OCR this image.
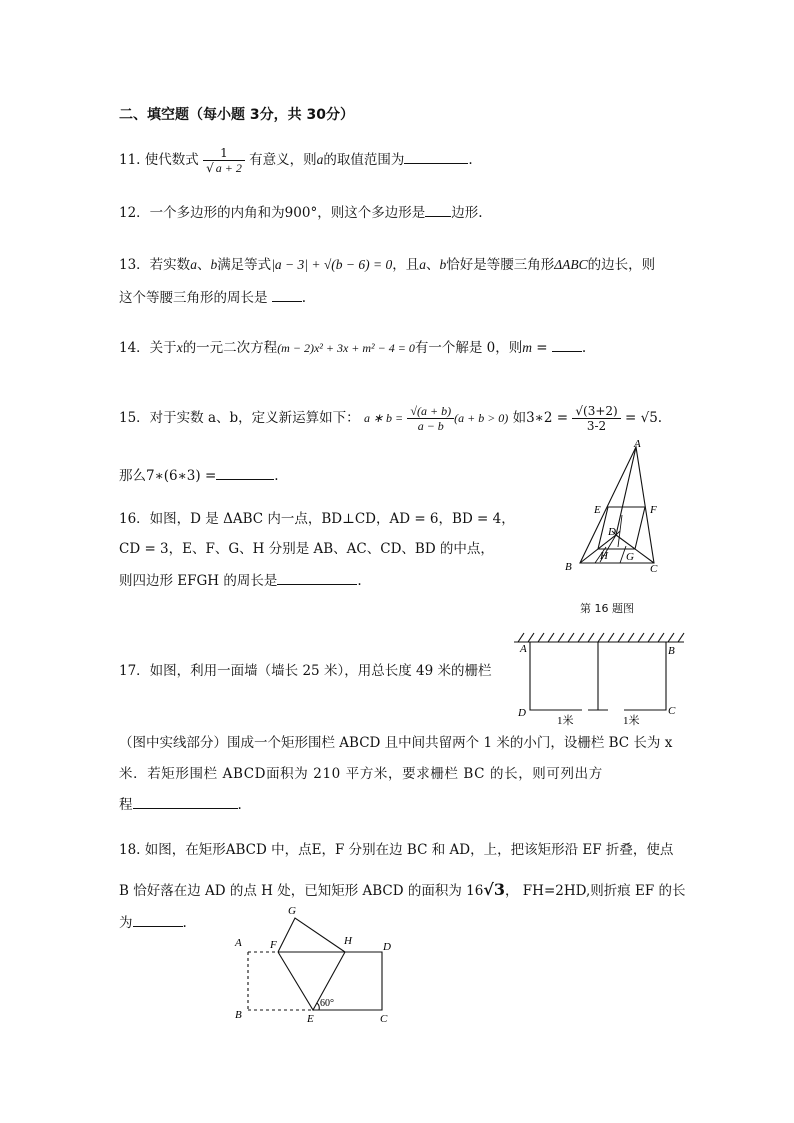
二、填空题（每小题 3分，共 30分）
11. 使代数式 $\frac{1}{√ a + 2}$ 有意义，则a的取值范围为	.
12．一个多边形的内角和为900°，则这个多边形是 边形.
13．若实数a、b满足等式|a − 3| + √(b − 6) = 0，且a、b恰好是等腰三角形ΔABC的边长，则
这个等腰三角形的周长是	.
14．关于x的一元二次方程(m − 2)x² + 3x + m² − 4 = 0有一个解是 0，则m = .
15．对于实数 a、b，定义新运算如下： a ∗ $b = \frac{√(a + b)}{a - b} (a + b > 0)$ 如3∗2 = $\frac{√(3+2)}{3-2} = √5$.
那么7∗(6∗3) =	.
16．如图，D 是 ΔABC 内一点，BD⊥CD，AD = 6，BD = 4，
CD = 3，E、F、G、H 分别是 AB、AC、CD、BD 的中点，
则四边形 EFGH 的周长是	.
A
B	C
D
E	F
G
H
第 16 题图
17．如图，利用一面墙（墙长 25 米），用总长度 49 米的栅栏
（图中实线部分）围成一个矩形围栏 ABCD 且中间共留两个 1 米的小门，设栅栏 BC 长为 x
米．若矩形围栏 ABCD面积为 210 平方米，要求栅栏 BC 的长，则可列出方
程	.
A	B
C
D
1米	1米
18. 如图，在矩形ABCD 中，点E，F 分别在边 BC 和 AD，上，把该矩形沿 EF 折叠，使点
B 恰好落在边 AD 的点 H 处，已知矩形 ABCD 的面积为 16√3， FH=2HD,则折痕 EF 的长
为	.
A
B	C
D
E
F
G
H
60°
